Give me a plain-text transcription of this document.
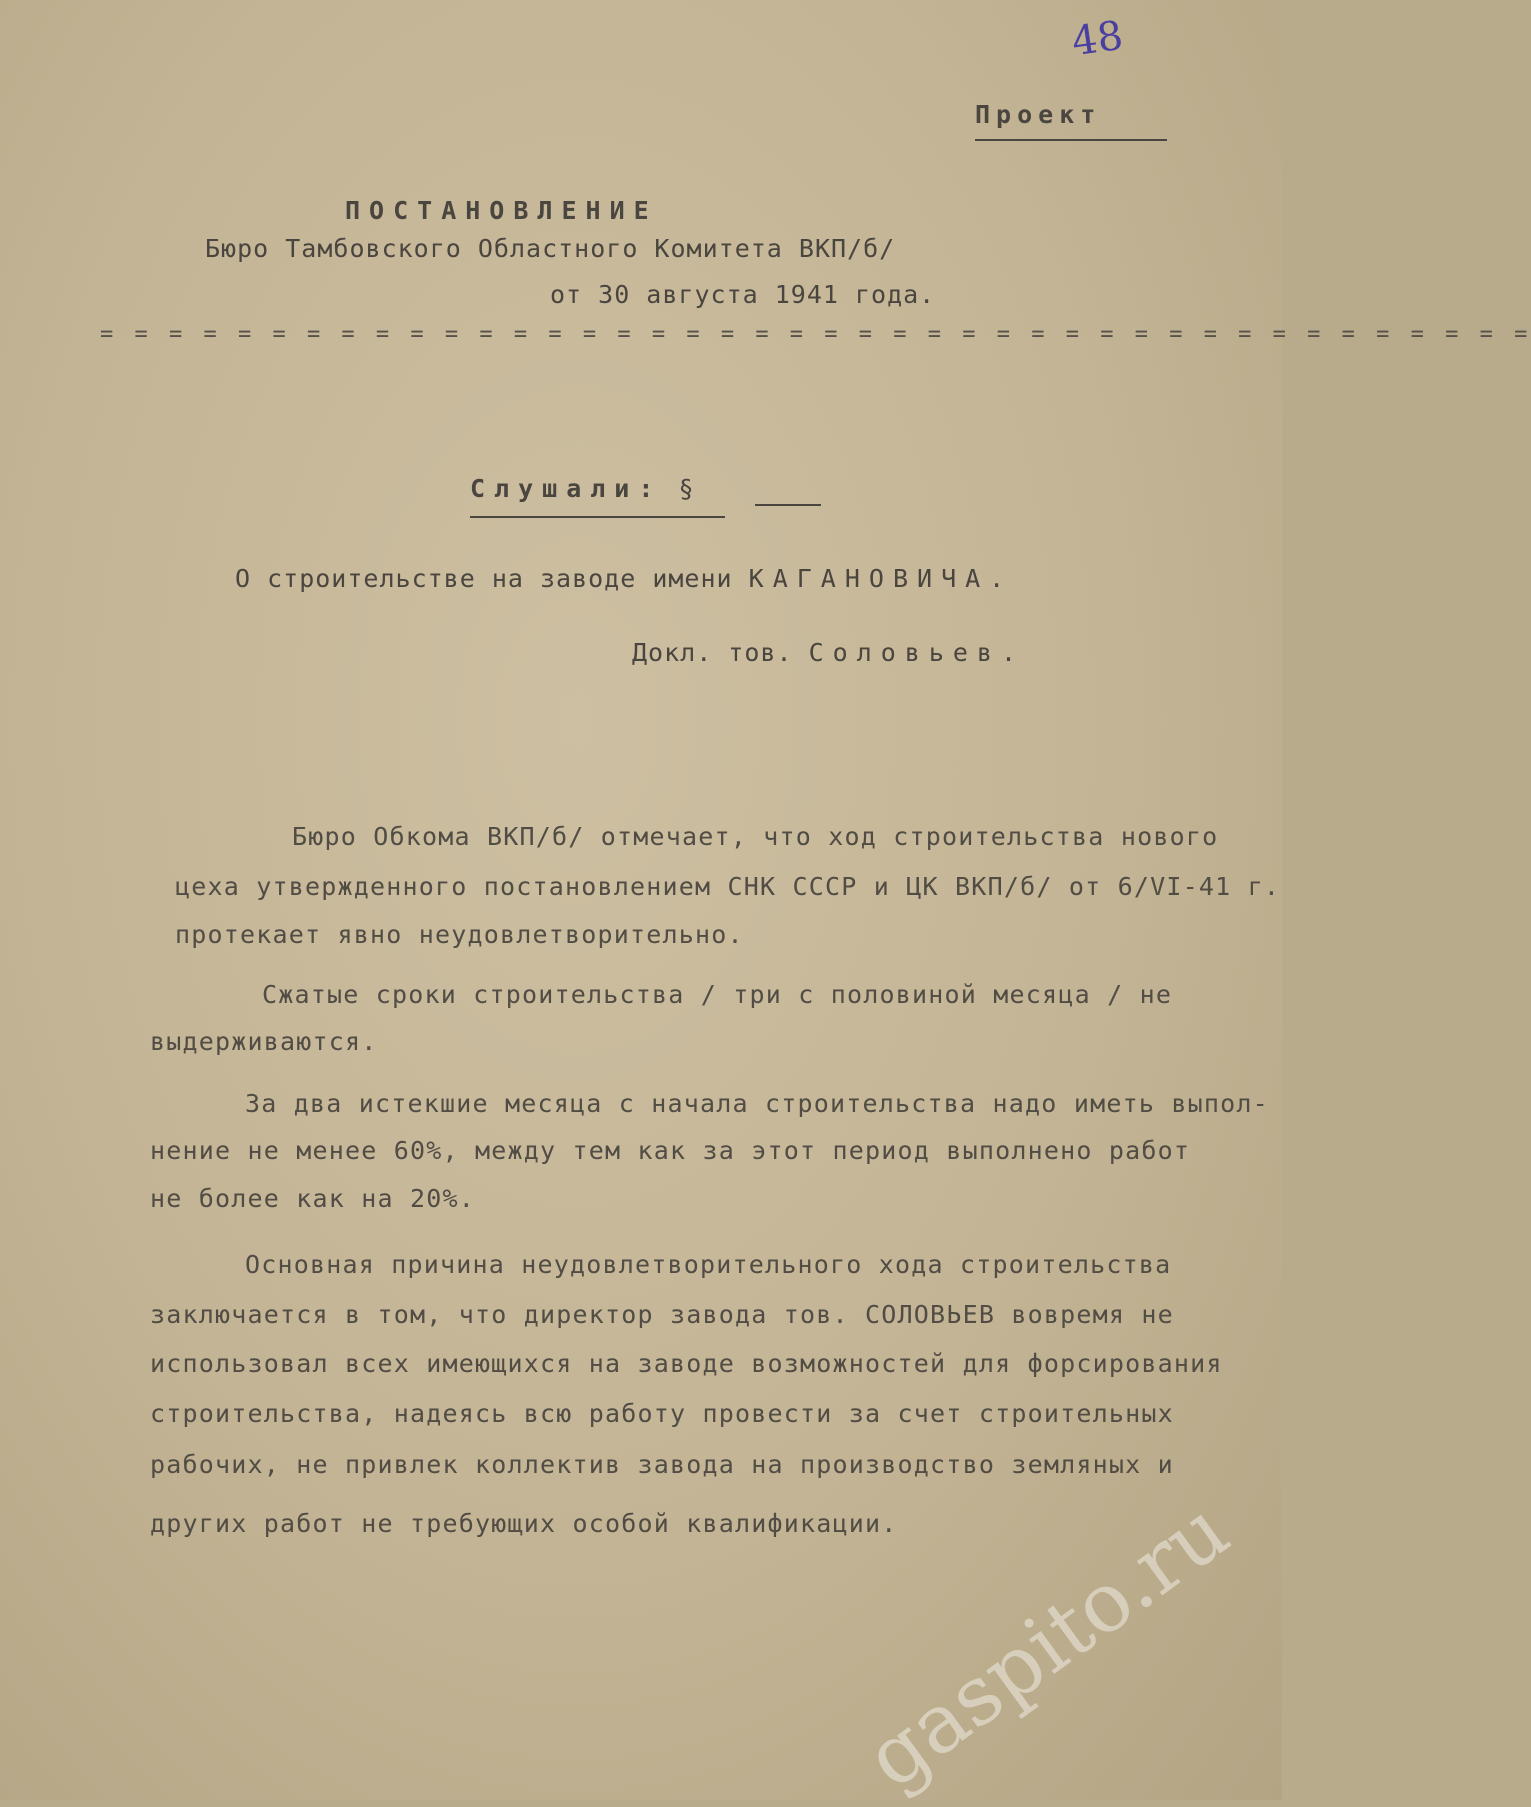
48
Проект
ПОСТАНОВЛЕНИЕ
Бюро Тамбовского Областного Комитета ВКП/б/
от 30 августа 1941 года.
= = = = = = = = = = = = = = = = = = = = = = = = = = = = = = = = = = = = = = = = = =
Слушали: §
О строительстве на заводе имени КАГАНОВИЧА.
Докл. тов. Соловьев.
Бюро Обкома ВКП/б/ отмечает, что ход строительства нового
цеха утвержденного постановлением СНК СССР и ЦК ВКП/б/ от 6/VI-41 г.
протекает явно неудовлетворительно.
Сжатые сроки строительства / три с половиной месяца / не
выдерживаются.
За два истекшие месяца с начала строительства надо иметь выпол-
нение не менее 60%, между тем как за этот период выполнено работ
не более как на 20%.
Основная причина неудовлетворительного хода строительства
заключается в том, что директор завода тов. СОЛОВЬЕВ вовремя не
использовал всех имеющихся на заводе возможностей для форсирования
строительства, надеясь всю работу провести за счет строительных
рабочих, не привлек коллектив завода на производство земляных и
других работ не требующих особой квалификации.
gaspito.ru
